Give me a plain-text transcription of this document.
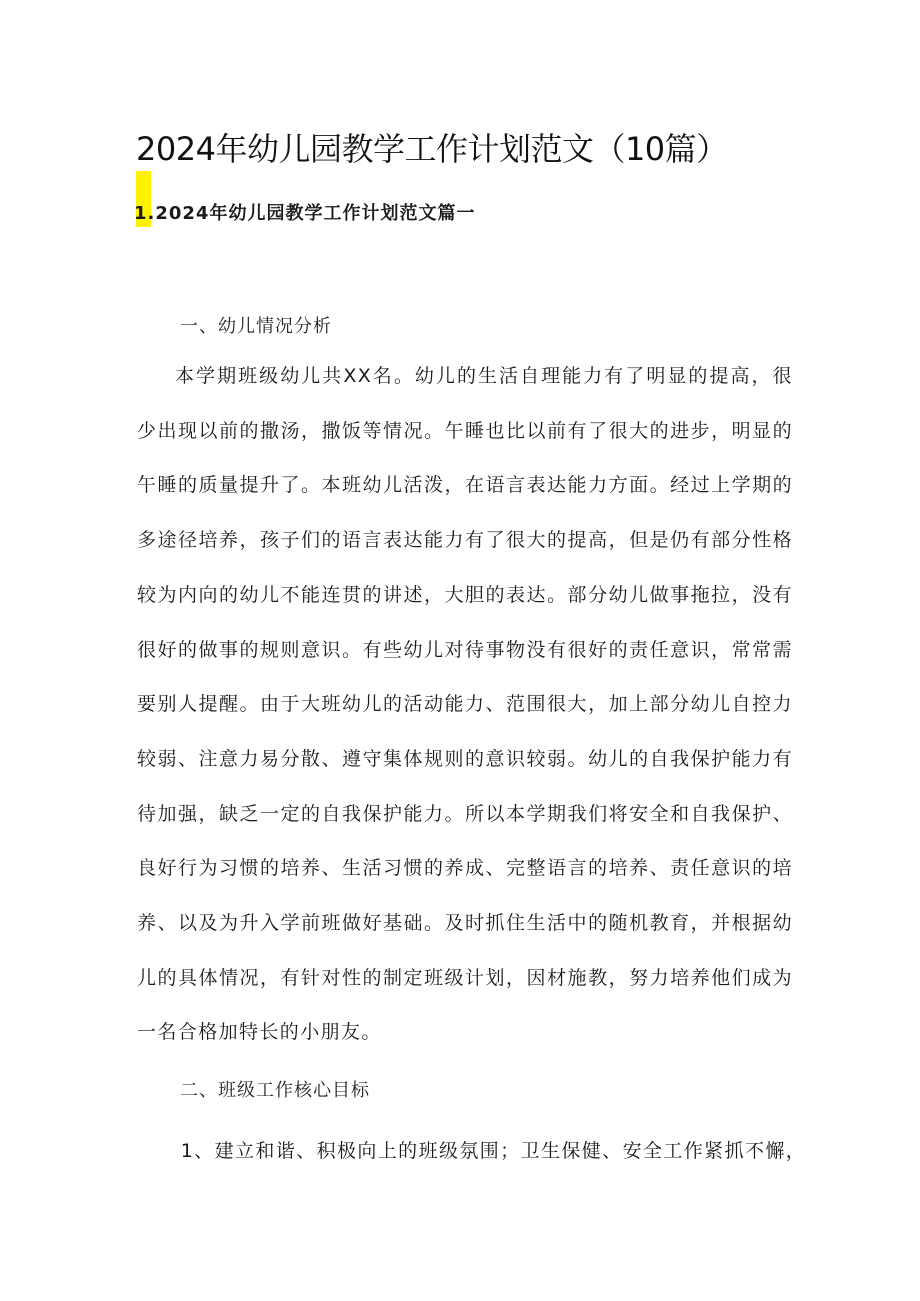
2024年幼儿园教学工作计划范文（10篇）
1.2024年幼儿园教学工作计划范文篇一

一、幼儿情况分析

本学期班级幼儿共XX名。幼儿的生活自理能力有了明显的提高，很少出现以前的撒汤，撒饭等情况。午睡也比以前有了很大的进步，明显的午睡的质量提升了。本班幼儿活泼，在语言表达能力方面。经过上学期的多途径培养，孩子们的语言表达能力有了很大的提高，但是仍有部分性格较为内向的幼儿不能连贯的讲述，大胆的表达。部分幼儿做事拖拉，没有很好的做事的规则意识。有些幼儿对待事物没有很好的责任意识，常常需要别人提醒。由于大班幼儿的活动能力、范围很大，加上部分幼儿自控力较弱、注意力易分散、遵守集体规则的意识较弱。幼儿的自我保护能力有待加强，缺乏一定的自我保护能力。所以本学期我们将安全和自我保护、良好行为习惯的培养、生活习惯的养成、完整语言的培养、责任意识的培养、以及为升入学前班做好基础。及时抓住生活中的随机教育，并根据幼儿的具体情况，有针对性的制定班级计划，因材施教，努力培养他们成为一名合格加特长的小朋友。

二、班级工作核心目标

1、建立和谐、积极向上的班级氛围；卫生保健、安全工作紧抓不懈，
